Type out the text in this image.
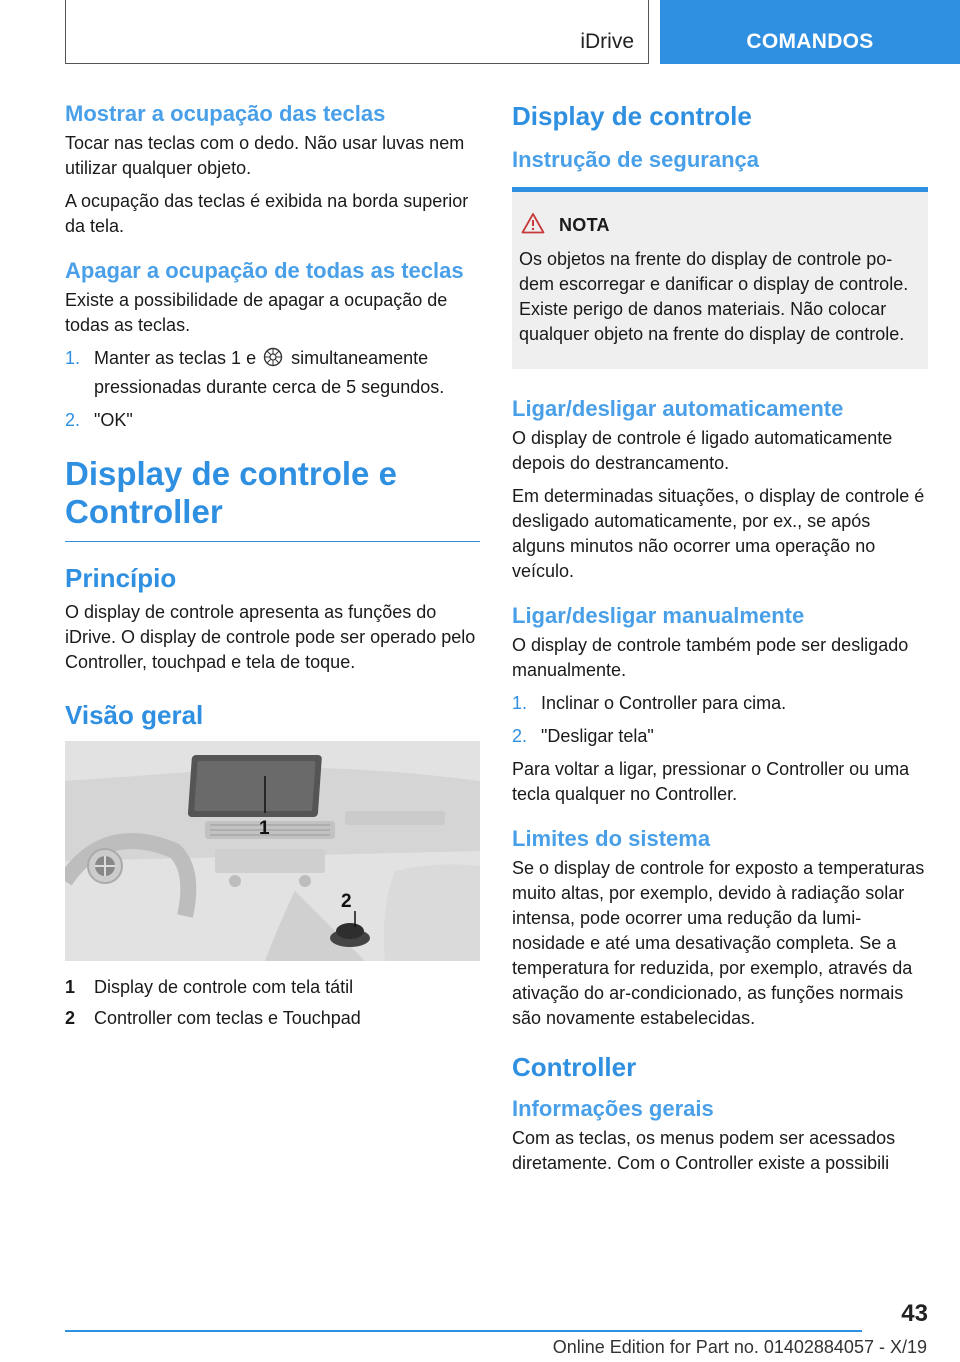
iDrive	COMANDOS
Mostrar a ocupação das teclas

Tocar nas teclas com o dedo. Não usar luvas nem utilizar qualquer objeto.

A ocupação das teclas é exibida na borda superior da tela.

Apagar a ocupação de todas as teclas

Existe a possibilidade de apagar a ocupação de todas as teclas.

1. Manter as teclas 1 e simultaneamente pressionadas durante cerca de 5 segundos.
2. "OK"
Display de controle e Controller
Princípio

O display de controle apresenta as funções do iDrive. O display de controle pode ser operado pelo Controller, touchpad e tela de toque.

Visão geral
1
2
1	Display de controle com tela tátil
2	Controller com teclas e Touchpad
Display de controle
Instrução de segurança
NOTA

Os objetos na frente do display de controle podem escorregar e danificar o display de controle. Existe perigo de danos materiais. Não colocar qualquer objeto na frente do display de controle.

Ligar/desligar automaticamente

O display de controle é ligado automaticamente depois do destrancamento.

Em determinadas situações, o display de controle é desligado automaticamente, por ex., se após alguns minutos não ocorrer uma operação no veículo.

Ligar/desligar manualmente

O display de controle também pode ser desligado manualmente.

1. Inclinar o Controller para cima.
2. "Desligar tela"

Para voltar a ligar, pressionar o Controller ou uma tecla qualquer no Controller.

Limites do sistema

Se o display de controle for exposto a temperaturas muito altas, por exemplo, devido à radiação solar intensa, pode ocorrer uma redução da luminosidade e até uma desativação completa. Se a temperatura for reduzida, por exemplo, através da ativação do ar-condicionado, as funções normais são novamente estabelecidas.

Controller
Informações gerais

Com as teclas, os menus podem ser acessados diretamente. Com o Controller existe a possibili

43
Online Edition for Part no. 01402884057 - X/19
